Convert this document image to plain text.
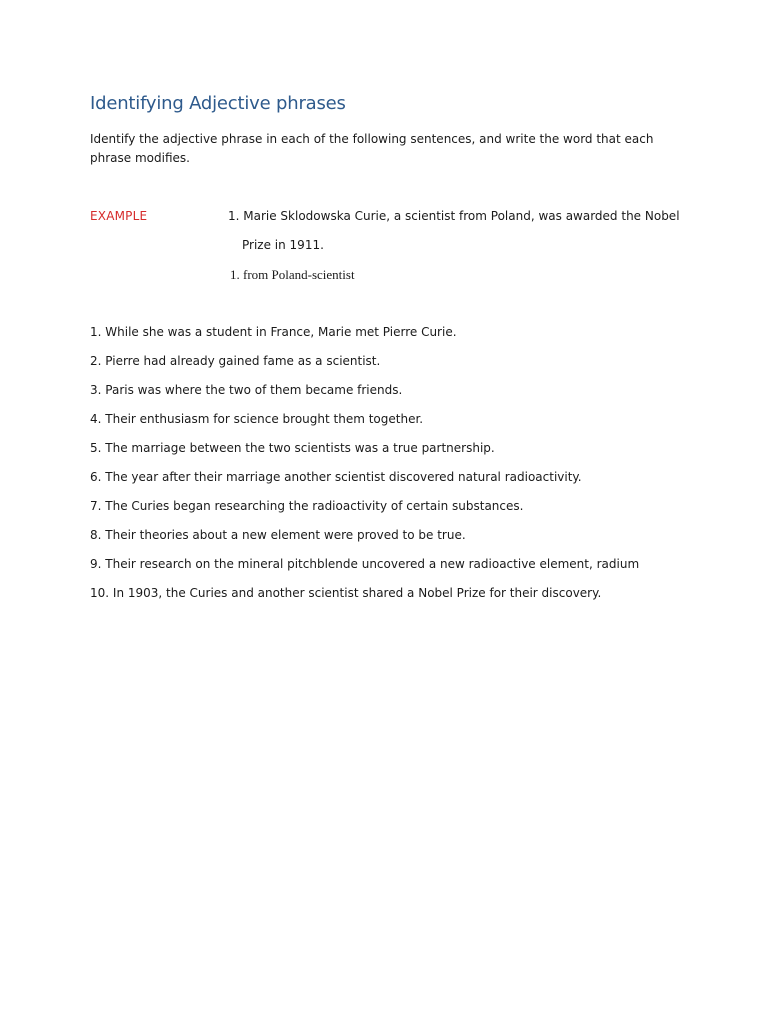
Identifying Adjective phrases
Identify the adjective phrase in each of the following sentences, and write the word that each phrase modifies.
EXAMPLE	1. Marie Sklodowska Curie, a scientist from Poland, was awarded the Nobel
Prize in 1911.
1. from Poland-scientist
1. While she was a student in France, Marie met Pierre Curie.
2. Pierre had already gained fame as a scientist.
3. Paris was where the two of them became friends.
4. Their enthusiasm for science brought them together.
5. The marriage between the two scientists was a true partnership.
6. The year after their marriage another scientist discovered natural radioactivity.
7. The Curies began researching the radioactivity of certain substances.
8. Their theories about a new element were proved to be true.
9. Their research on the mineral pitchblende uncovered a new radioactive element, radium
10. In 1903, the Curies and another scientist shared a Nobel Prize for their discovery.
